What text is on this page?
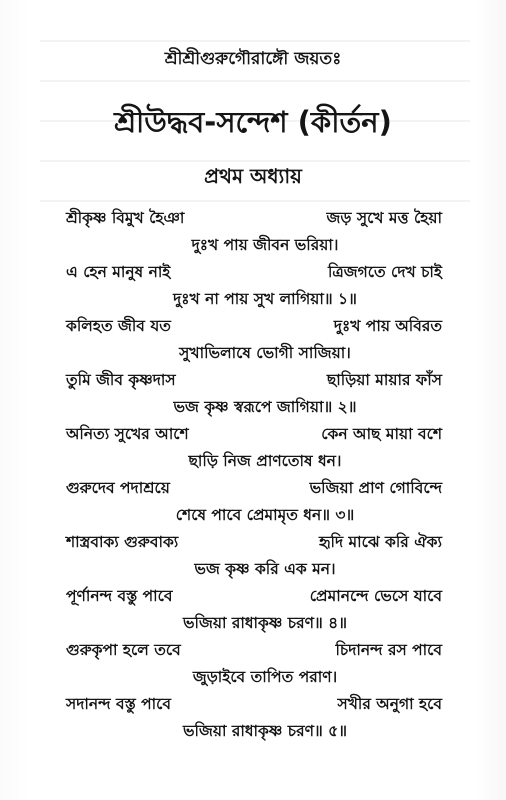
শ্রীশ্রীগুরুগৌরাঙ্গৌ জয়তঃ
শ্রীউদ্ধব-সন্দেশ (কীর্তন)
প্রথম অধ্যায়
শ্রীকৃষ্ণ বিমুখ হৈঞা	জড় সুখে মত্ত হৈয়া
দুঃখ পায় জীবন ভরিয়া।
এ হেন মানুষ নাই	ত্রিজগতে দেখ চাই
দুঃখ না পায় সুখ লাগিয়া॥ ১॥
কলিহত জীব যত	দুঃখ পায় অবিরত
সুখাভিলাষে ভোগী সাজিয়া।
তুমি জীব কৃষ্ণদাস	ছাড়িয়া মায়ার ফাঁস
ভজ কৃষ্ণ স্বরূপে জাগিয়া॥ ২॥
অনিত্য সুখের আশে	কেন আছ মায়া বশে
ছাড়ি নিজ প্রাণতোষ ধন।
গুরুদেব পদাশ্রয়ে	ভজিয়া প্রাণ গোবিন্দে
শেষে পাবে প্রেমামৃত ধন॥ ৩॥
শাস্ত্রবাক্য গুরুবাক্য	হৃদি মাঝে করি ঐক্য
ভজ কৃষ্ণ করি এক মন।
পূর্ণানন্দ বস্তু পাবে	প্রেমানন্দে ভেসে যাবে
ভজিয়া রাধাকৃষ্ণ চরণ॥ ৪॥
গুরুকৃপা হলে তবে	চিদানন্দ রস পাবে
জুড়াইবে তাপিত পরাণ।
সদানন্দ বস্তু পাবে	সখীর অনুগা হবে
ভজিয়া রাধাকৃষ্ণ চরণ॥ ৫॥
